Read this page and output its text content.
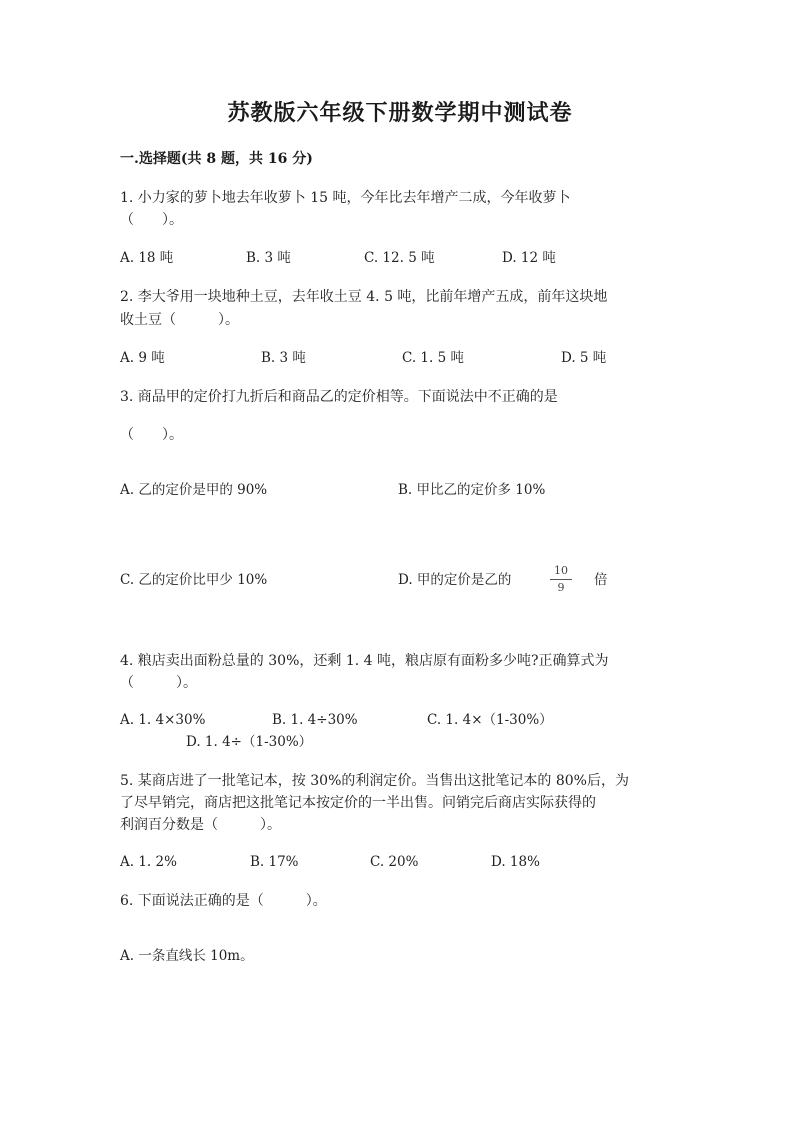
苏教版六年级下册数学期中测试卷
一.选择题(共 8 题，共 16 分)
1. 小力家的萝卜地去年收萝卜 15 吨，今年比去年增产二成，今年收萝卜
（　　）。
A. 18 吨	B. 3 吨	C. 12. 5 吨	D. 12 吨
2. 李大爷用一块地种土豆，去年收土豆 4. 5 吨，比前年增产五成，前年这块地
收土豆（　　　）。
A. 9 吨	B. 3 吨	C. 1. 5 吨	D. 5 吨
3. 商品甲的定价打九折后和商品乙的定价相等。下面说法中不正确的是
（　　）。
A. 乙的定价是甲的 90%	B. 甲比乙的定价多 10%
C. 乙的定价比甲少 10%	D. 甲的定价是乙的
10
9	倍
4. 粮店卖出面粉总量的 30%，还剩 1. 4 吨，粮店原有面粉多少吨?正确算式为
（　　　）。
A. 1. 4×30%	B. 1. 4÷30%	C. 1. 4×（1-30%）
D. 1. 4÷（1-30%）
5. 某商店进了一批笔记本，按 30%的利润定价。当售出这批笔记本的 80%后，为
了尽早销完，商店把这批笔记本按定价的一半出售。问销完后商店实际获得的
利润百分数是（　　　）。
A. 1. 2%	B. 17%	C. 20%	D. 18%
6. 下面说法正确的是（　　　）。
A. 一条直线长 10m。
